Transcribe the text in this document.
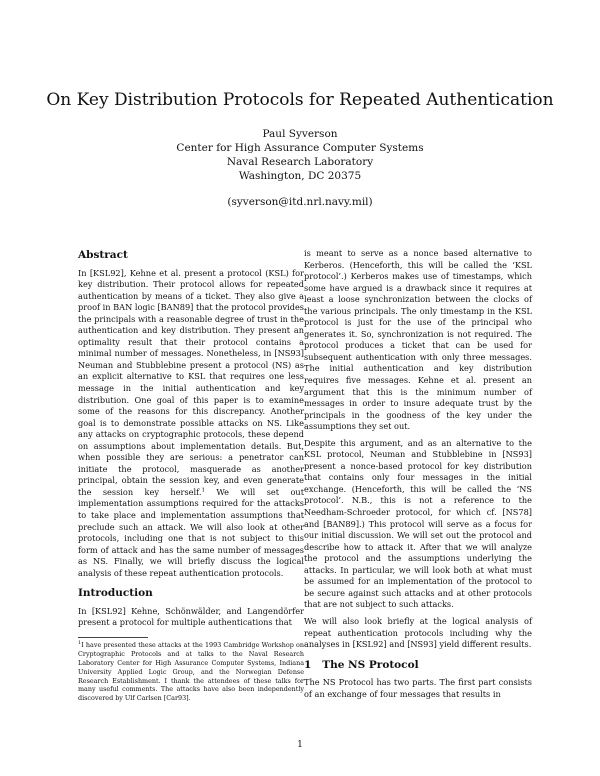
On Key Distribution Protocols for Repeated Authentication
Paul Syverson
Center for High Assurance Computer Systems
Naval Research Laboratory
Washington, DC 20375
(syverson@itd.nrl.navy.mil)
Abstract
In [KSL92], Kehne et al. present a protocol (KSL) for key distribution. Their protocol allows for repeated authentication by means of a ticket. They also give a proof in BAN logic [BAN89] that the protocol provides the principals with a reasonable degree of trust in the authentication and key distribution. They present an optimality result that their protocol contains a minimal number of messages. Nonetheless, in [NS93] Neuman and Stubblebine present a protocol (NS) as an explicit alternative to KSL that requires one less message in the initial authentication and key distribution. One goal of this paper is to examine some of the reasons for this discrepancy. Another goal is to demonstrate possible attacks on NS. Like any attacks on cryptographic protocols, these depend on assumptions about implementation details. But, when possible they are serious: a penetrator can initiate the protocol, masquerade as another principal, obtain the session key, and even generate the session key herself.$^1$ We will set out implementation assumptions required for the attacks to take place and implementation assumptions that preclude such an attack. We will also look at other protocols, including one that is not subject to this form of attack and has the same number of messages as NS. Finally, we will briefly discuss the logical analysis of these repeat authentication protocols.
Introduction
In [KSL92] Kehne, Schönwälder, and Langendörfer present a protocol for multiple authentications that
$^1$I have presented these attacks at the 1993 Cambridge Workshop on Cryptographic Protocols and at talks to the Naval Research Laboratory Center for High Assurance Computer Systems, Indiana University Applied Logic Group, and the Norwegian Defense Research Establishment. I thank the attendees of these talks for many useful comments. The attacks have also been independently discovered by Ulf Carlsen [Car93].
is meant to serve as a nonce based alternative to Kerberos. (Henceforth, this will be called the ‘KSL protocol’.) Kerberos makes use of timestamps, which some have argued is a drawback since it requires at least a loose synchronization between the clocks of the various principals. The only timestamp in the KSL protocol is just for the use of the principal who generates it. So, synchronization is not required. The protocol produces a ticket that can be used for subsequent authentication with only three messages. The initial authentication and key distribution requires five messages. Kehne et al. present an argument that this is the minimum number of messages in order to insure adequate trust by the principals in the goodness of the key under the assumptions they set out.
Despite this argument, and as an alternative to the KSL protocol, Neuman and Stubblebine in [NS93] present a nonce-based protocol for key distribution that contains only four messages in the initial exchange. (Henceforth, this will be called the ‘NS protocol’. N.B., this is not a reference to the Needham-Schroeder protocol, for which cf. [NS78] and [BAN89].) This protocol will serve as a focus for our initial discussion. We will set out the protocol and describe how to attack it. After that we will analyze the protocol and the assumptions underlying the attacks. In particular, we will look both at what must be assumed for an implementation of the protocol to be secure against such attacks and at other protocols that are not subject to such attacks.
We will also look briefly at the logical analysis of repeat authentication protocols including why the analyses in [KSL92] and [NS93] yield different results.
1   The NS Protocol
The NS Protocol has two parts. The first part consists of an exchange of four messages that results in
1
